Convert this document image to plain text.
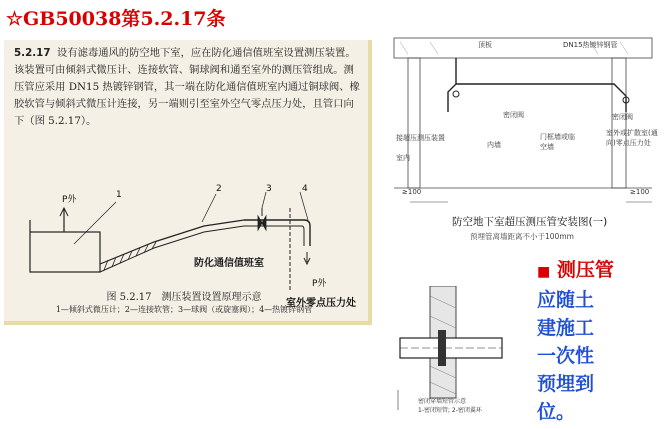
☆GB50038第5.2.17条
5.2.17 设有滤毒通风的防空地下室，应在防化通信值班室设置测压装置。该装置可由倾斜式微压计、连接软管、铜球阀和通至室外的测压管组成。测压管应采用 DN15 热镀锌钢管，其一端在防化通信值班室内通过铜球阀、橡胶软管与倾斜式微压计连接，另一端则引至室外空气零点压力处，且管口向下（图 5.2.17）。
1
2	3	4
P外
P外
防化通信值班室
室外零点压力处
图 5.2.17　测压装置设置原理示意
1—倾斜式微压计；2—连接软管；3—球阀（或旋塞阀）；4—热镀锌钢管
顶板	DN15热镀锌钢管
密闭阀
内墙
接超压测压装置
室内
门框墙或临空墙
密闭阀
室外或扩散室(通向)零点压力处
≥100	≥100
防空地下室超压测压管安装图(一)
预埋管离墙距离不小于100mm
密闭穿墙短管示意
1-密闭短管; 2-密闭翼环
■ 测压管
应随土
建施工
一次性
预埋到
位。
